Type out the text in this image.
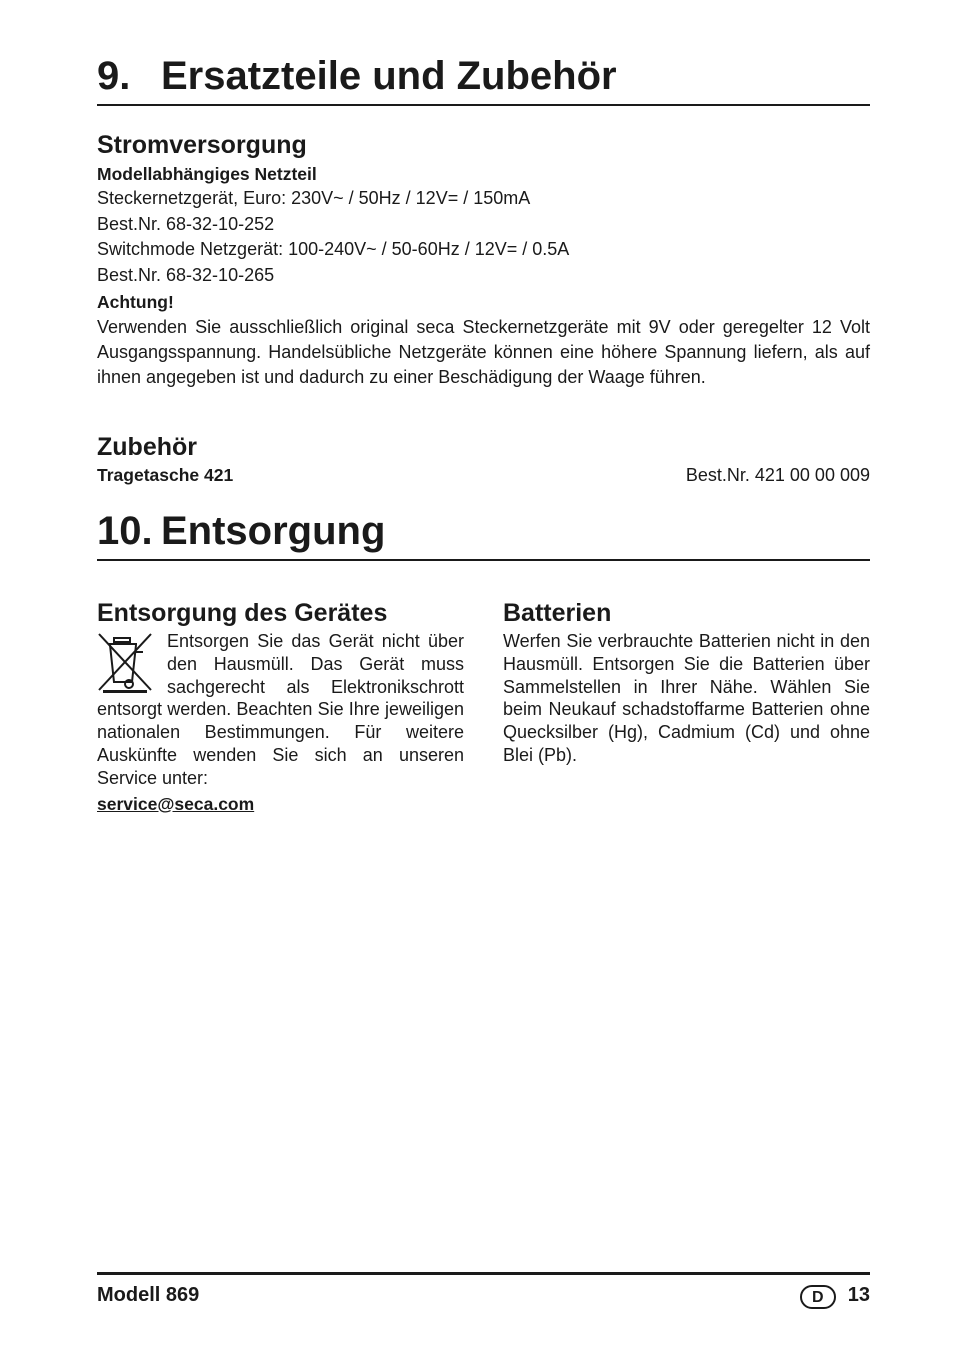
9. Ersatzteile und Zubehör
Stromversorgung
Modellabhängiges Netzteil

Steckernetzgerät, Euro: 230V~ / 50Hz / 12V= / 150mA

Best.Nr. 68-32-10-252

Switchmode Netzgerät: 100-240V~ / 50-60Hz / 12V= / 0.5A

Best.Nr. 68-32-10-265

Achtung!

Verwenden Sie ausschließlich original seca Steckernetzgeräte mit 9V oder geregelter 12 Volt Ausgangsspannung. Handelsübliche Netzgeräte können eine höhere Spannung liefern, als auf ihnen angegeben ist und dadurch zu einer Beschädigung der Waage führen.

Zubehör
Tragetasche 421	Best.Nr. 421 00 00 009
10. Entsorgung
Entsorgung des Gerätes

Entsorgen Sie das Gerät nicht über den Hausmüll. Das Gerät muss sachgerecht als Elektronikschrott entsorgt werden. Beachten Sie Ihre jeweiligen nationalen Bestimmungen. Für weitere Auskünfte wenden Sie sich an unseren Service unter:

service@seca.com
Batterien

Werfen Sie verbrauchte Batterien nicht in den Hausmüll. Entsorgen Sie die Batterien über Sammelstellen in Ihrer Nähe. Wählen Sie beim Neukauf schadstoffarme Batterien ohne Quecksilber (Hg), Cadmium (Cd) und ohne Blei (Pb).

Modell 869	D	13
